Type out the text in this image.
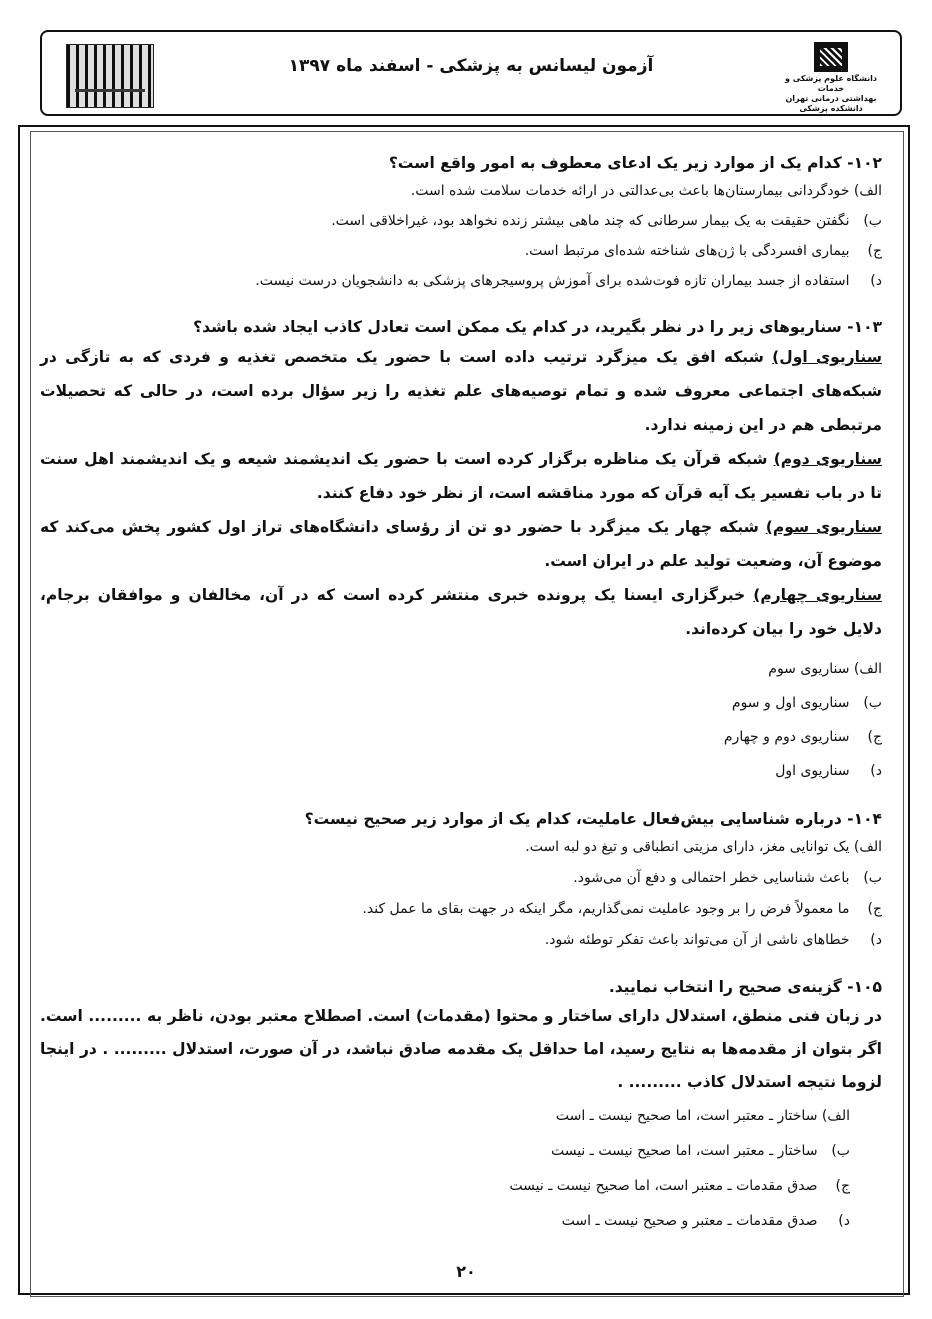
آزمون لیسانس به پزشکی - اسفند ماه ۱۳۹۷
دانشگاه علوم پزشکی و خدمات
بهداشتی درمانی تهران
دانشکده پزشکی

۱۰۲- کدام یک از موارد زیر یک ادعای معطوف به امور واقع است؟

الف) خودگردانی بیمارستان‌ها باعث بی‌عدالتی در ارائه خدمات سلامت شده است.

ب) نگفتن حقیقت به یک بیمار سرطانی که چند ماهی بیشتر زنده نخواهد بود، غیراخلاقی است.

ج) بیماری افسردگی با ژن‌های شناخته شده‌ای مرتبط است.

د) استفاده از جسد بیماران تازه فوت‌شده برای آموزش پروسیجرهای پزشکی به دانشجویان درست نیست.

۱۰۳- سناریوهای زیر را در نظر بگیرید، در کدام یک ممکن است تعادل کاذب ایجاد شده باشد؟

سناریوی اول) شبکه افق یک میزگرد ترتیب داده است با حضور یک متخصص تغذیه و فردی که به تازگی در شبکه‌های اجتماعی معروف شده و تمام توصیه‌های علم تغذیه را زیر سؤال برده است، در حالی که تحصیلات مرتبطی هم در این زمینه ندارد.

سناریوی دوم) شبکه قرآن یک مناظره برگزار کرده است با حضور یک اندیشمند شیعه و یک اندیشمند اهل سنت تا در باب تفسیر یک آیه قرآن که مورد مناقشه است، از نظر خود دفاع کنند.

سناریوی سوم) شبکه چهار یک میزگرد با حضور دو تن از رؤسای دانشگاه‌های تراز اول کشور پخش می‌کند که موضوع آن، وضعیت تولید علم در ایران است.

سناریوی چهارم) خبرگزاری ایسنا یک پرونده خبری منتشر کرده است که در آن، مخالفان و موافقان برجام، دلایل خود را بیان کرده‌اند.

الف) سناریوی سوم

ب) سناریوی اول و سوم

ج) سناریوی دوم و چهارم

د) سناریوی اول

۱۰۴- درباره شناسایی بیش‌فعال عاملیت، کدام یک از موارد زیر صحیح نیست؟

الف) یک توانایی مغز، دارای مزیتی انطباقی و تیغ دو لبه است.

ب) باعث شناسایی خطر احتمالی و دفع آن می‌شود.

ج) ما معمولاً فرض را بر وجود عاملیت نمی‌گذاریم، مگر اینکه در جهت بقای ما عمل کند.

د) خطاهای ناشی از آن می‌تواند باعث تفکر توطئه شود.

۱۰۵- گزینه‌ی صحیح را انتخاب نمایید.

در زبان فنی منطق، استدلال دارای ساختار و محتوا (مقدمات) است. اصطلاح معتبر بودن، ناظر به ......... است. اگر بتوان از مقدمه‌ها به نتایج رسید، اما حداقل یک مقدمه صادق نباشد، در آن صورت، استدلال ......... . در اینجا لزوما نتیجه استدلال کاذب ......... .

الف) ساختار ـ معتبر است، اما صحیح نیست ـ است

ب) ساختار ـ معتبر است، اما صحیح نیست ـ نیست

ج) صدق مقدمات ـ معتبر است، اما صحیح نیست ـ نیست

د) صدق مقدمات ـ معتبر و صحیح نیست ـ است

۲۰
